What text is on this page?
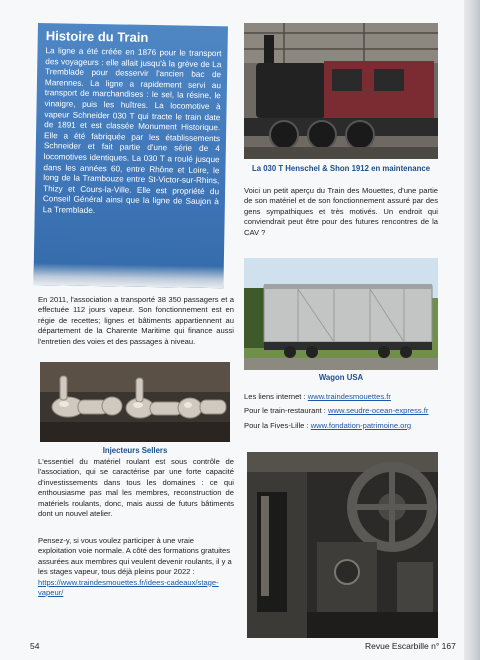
Histoire du Train
La ligne a été créée en 1876 pour le transport des voyageurs : elle allait jusqu'à la grève de La Tremblade pour desservir l'ancien bac de Marennes. La ligne a rapidement servi au transport de marchandises : le sel, la résine, le vinaigre, puis les huîtres. La locomotive à vapeur Schneider 030 T qui tracte le train date de 1891 et est classée Monument Historique. Elle a été fabriquée par les établissements Schneider et fait partie d'une série de 4 locomotives identiques. La 030 T a roulé jusque dans les années 60, entre Rhône et Loire, le long de la Trambouze entre St-Victor-sur-Rhins, Thizy et Cours-la-Ville. Elle est propriété du Conseil Général ainsi que la ligne de Saujon à La Tremblade.
En 2011, l'association a transporté 38 350 passagers et a effectuée 112 jours vapeur. Son fonctionnement est en régie de recettes; lignes et bâtiments appartiennent au département de la Charente Maritime qui finance aussi l'entretien des voies et des passages à niveau.
Injecteurs Sellers
L'essentiel du matériel roulant est sous contrôle de l'association, qui se caractérise par une forte capacité d'investissements dans tous les domaines : ce qui enthousiasme pas mal les membres, reconstruction de matériels roulants, donc, mais aussi de futurs bâtiments dont un nouvel atelier.
Pensez-y, si vous voulez participer à une vraie exploitation voie normale. A côté des formations gratuites assurées aux membres qui veulent devenir roulants, il y a les stages vapeur, tous déjà pleins pour 2022 : https://www.traindesmouettes.fr/idees-cadeaux/stage-vapeur/
La 030 T Henschel & Shon 1912 en maintenance
Voici un petit aperçu du Train des Mouettes, d'une partie de son matériel et de son fonctionnement assuré par des gens sympathiques et très motivés. Un endroit qui conviendrait peut être pour des futures rencontres de la CAV ?
Wagon USA
Les liens internet : www.traindesmouettes.fr
Pour le train-restaurant : www.seudre-ocean-express.fr
Pour la Fives-Lille : www.fondation-patrimoine.org
54	Revue Escarbille n° 167
